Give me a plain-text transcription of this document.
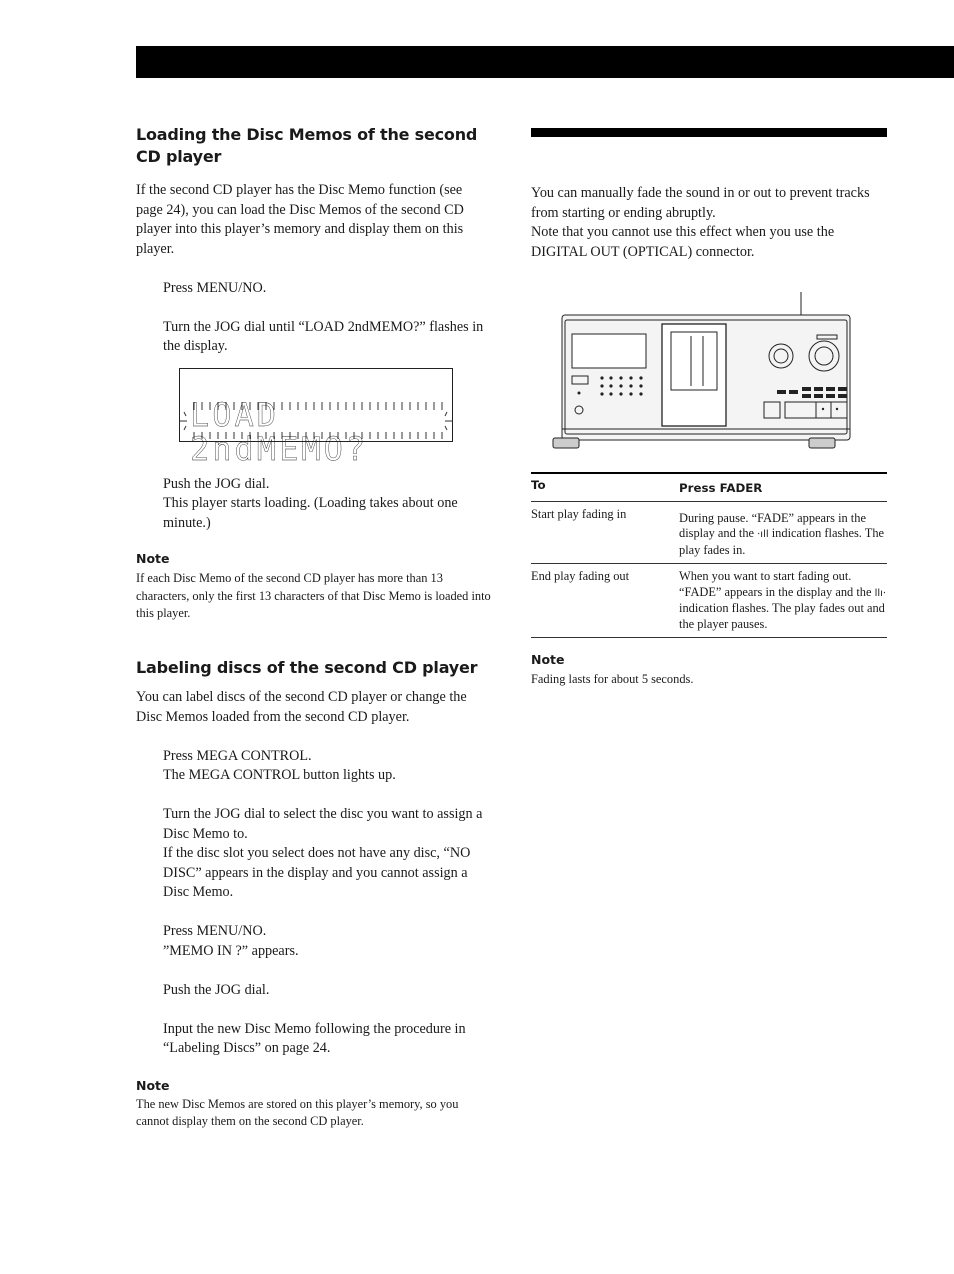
Loading the Disc Memos of the second CD player

If the second CD player has the Disc Memo function (see page 24), you can load the Disc Memos of the second CD player into this player’s memory and display them on this player.

Press MENU/NO.

Turn the JOG dial until “LOAD 2ndMEMO?” flashes in the display.

LOAD 2ndMEMO?

Push the JOG dial.

This player starts loading. (Loading takes about one minute.)

Note

If each Disc Memo of the second CD player has more than 13 characters, only the first 13 characters of that Disc Memo is loaded into this player.

Labeling discs of the second CD player

You can label discs of the second CD player or change the Disc Memos loaded from the second CD player.

Press MEGA CONTROL.

The MEGA CONTROL button lights up.

Turn the JOG dial to select the disc you want to assign a Disc Memo to.

If the disc slot you select does not have any disc, “NO DISC” appears in the display and you cannot assign a Disc Memo.

Press MENU/NO.

”MEMO IN ?” appears.

Push the JOG dial.

Input the new Disc Memo following the procedure in “Labeling Discs” on page 24.

Note

The new Disc Memos are stored on this player’s memory, so you cannot display them on the second CD player.

You can manually fade the sound in or out to prevent tracks from starting or ending abruptly.

Note that you cannot use this effect when you use the DIGITAL OUT (OPTICAL) connector.

To	Press FADER
Start play fading in	During pause. “FADE” appears in the display and the ⋅ıll indication flashes. The play fades in.
End play fading out	When you want to start fading out. “FADE” appears in the display and the llı⋅ indication flashes. The play fades out and the player pauses.

Note

Fading lasts for about 5 seconds.
